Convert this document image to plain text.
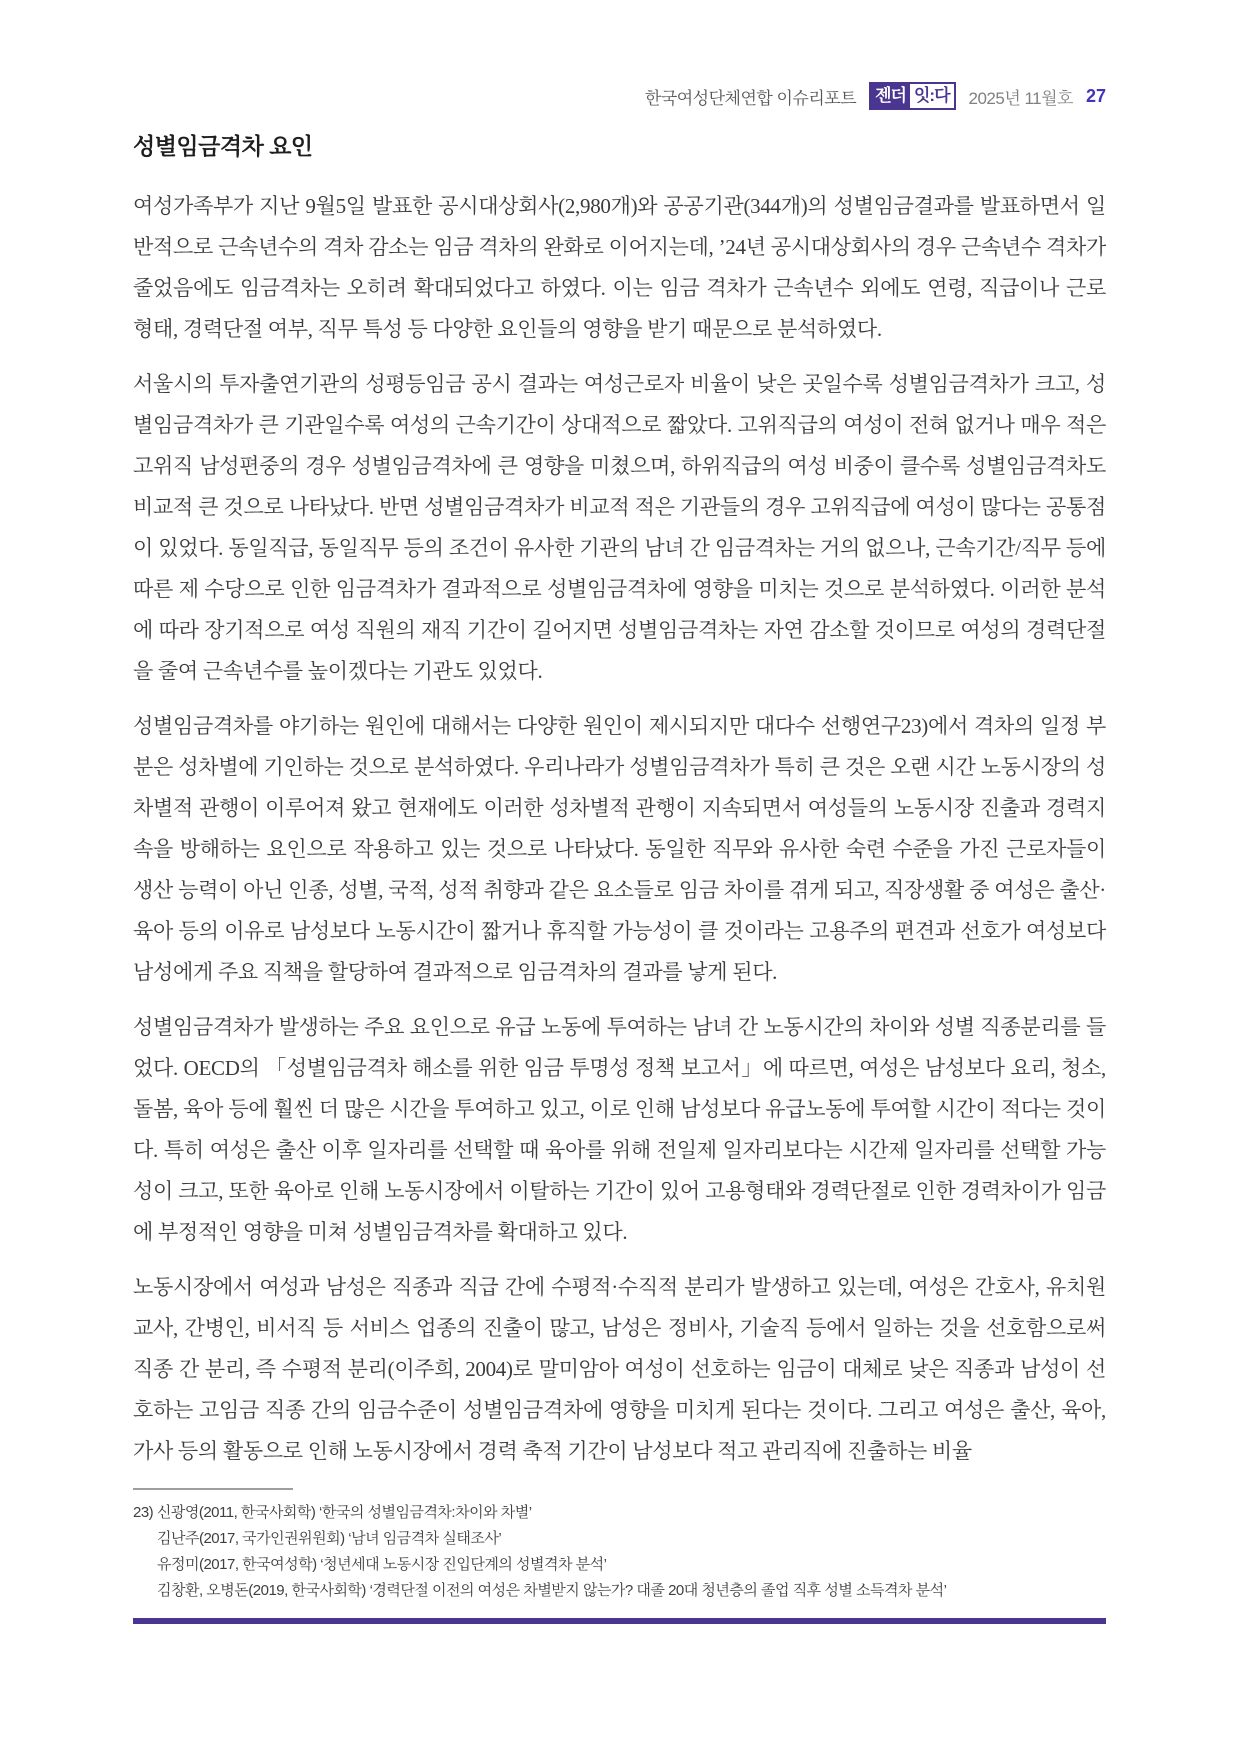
한국여성단체연합 이슈리포트 젠더 잇:다 2025년 11월호 27
성별임금격차 요인

여성가족부가 지난 9월5일 발표한 공시대상회사(2,980개)와 공공기관(344개)의 성별임금결과를 발표하면서 일반적으로 근속년수의 격차 감소는 임금 격차의 완화로 이어지는데, ’24년 공시대상회사의 경우 근속년수 격차가 줄었음에도 임금격차는 오히려 확대되었다고 하였다. 이는 임금 격차가 근속년수 외에도 연령, 직급이나 근로 형태, 경력단절 여부, 직무 특성 등 다양한 요인들의 영향을 받기 때문으로 분석하였다.

서울시의 투자출연기관의 성평등임금 공시 결과는 여성근로자 비율이 낮은 곳일수록 성별임금격차가 크고, 성별임금격차가 큰 기관일수록 여성의 근속기간이 상대적으로 짧았다. 고위직급의 여성이 전혀 없거나 매우 적은 고위직 남성편중의 경우 성별임금격차에 큰 영향을 미쳤으며, 하위직급의 여성 비중이 클수록 성별임금격차도 비교적 큰 것으로 나타났다. 반면 성별임금격차가 비교적 적은 기관들의 경우 고위직급에 여성이 많다는 공통점이 있었다. 동일직급, 동일직무 등의 조건이 유사한 기관의 남녀 간 임금격차는 거의 없으나, 근속기간/직무 등에 따른 제 수당으로 인한 임금격차가 결과적으로 성별임금격차에 영향을 미치는 것으로 분석하였다. 이러한 분석에 따라 장기적으로 여성 직원의 재직 기간이 길어지면 성별임금격차는 자연 감소할 것이므로 여성의 경력단절을 줄여 근속년수를 높이겠다는 기관도 있었다.

성별임금격차를 야기하는 원인에 대해서는 다양한 원인이 제시되지만 대다수 선행연구23)에서 격차의 일정 부분은 성차별에 기인하는 것으로 분석하였다. 우리나라가 성별임금격차가 특히 큰 것은 오랜 시간 노동시장의 성차별적 관행이 이루어져 왔고 현재에도 이러한 성차별적 관행이 지속되면서 여성들의 노동시장 진출과 경력지속을 방해하는 요인으로 작용하고 있는 것으로 나타났다. 동일한 직무와 유사한 숙련 수준을 가진 근로자들이 생산 능력이 아닌 인종, 성별, 국적, 성적 취향과 같은 요소들로 임금 차이를 겪게 되고, 직장생활 중 여성은 출산·육아 등의 이유로 남성보다 노동시간이 짧거나 휴직할 가능성이 클 것이라는 고용주의 편견과 선호가 여성보다 남성에게 주요 직책을 할당하여 결과적으로 임금격차의 결과를 낳게 된다.

성별임금격차가 발생하는 주요 요인으로 유급 노동에 투여하는 남녀 간 노동시간의 차이와 성별 직종분리를 들었다. OECD의 「성별임금격차 해소를 위한 임금 투명성 정책 보고서」에 따르면, 여성은 남성보다 요리, 청소, 돌봄, 육아 등에 훨씬 더 많은 시간을 투여하고 있고, 이로 인해 남성보다 유급노동에 투여할 시간이 적다는 것이다. 특히 여성은 출산 이후 일자리를 선택할 때 육아를 위해 전일제 일자리보다는 시간제 일자리를 선택할 가능성이 크고, 또한 육아로 인해 노동시장에서 이탈하는 기간이 있어 고용형태와 경력단절로 인한 경력차이가 임금에 부정적인 영향을 미쳐 성별임금격차를 확대하고 있다.

노동시장에서 여성과 남성은 직종과 직급 간에 수평적·수직적 분리가 발생하고 있는데, 여성은 간호사, 유치원 교사, 간병인, 비서직 등 서비스 업종의 진출이 많고, 남성은 정비사, 기술직 등에서 일하는 것을 선호함으로써 직종 간 분리, 즉 수평적 분리(이주희, 2004)로 말미암아 여성이 선호하는 임금이 대체로 낮은 직종과 남성이 선호하는 고임금 직종 간의 임금수준이 성별임금격차에 영향을 미치게 된다는 것이다. 그리고 여성은 출산, 육아, 가사 등의 활동으로 인해 노동시장에서 경력 축적 기간이 남성보다 적고 관리직에 진출하는 비율

23) 신광영(2011, 한국사회학) ‘한국의 성별임금격차:차이와 차별’
김난주(2017, 국가인권위원회) ‘남녀 임금격차 실태조사’
유정미(2017, 한국여성학) ‘청년세대 노동시장 진입단계의 성별격차 분석’
김창환, 오병돈(2019, 한국사회학) ‘경력단절 이전의 여성은 차별받지 않는가? 대졸 20대 청년층의 졸업 직후 성별 소득격차 분석’
